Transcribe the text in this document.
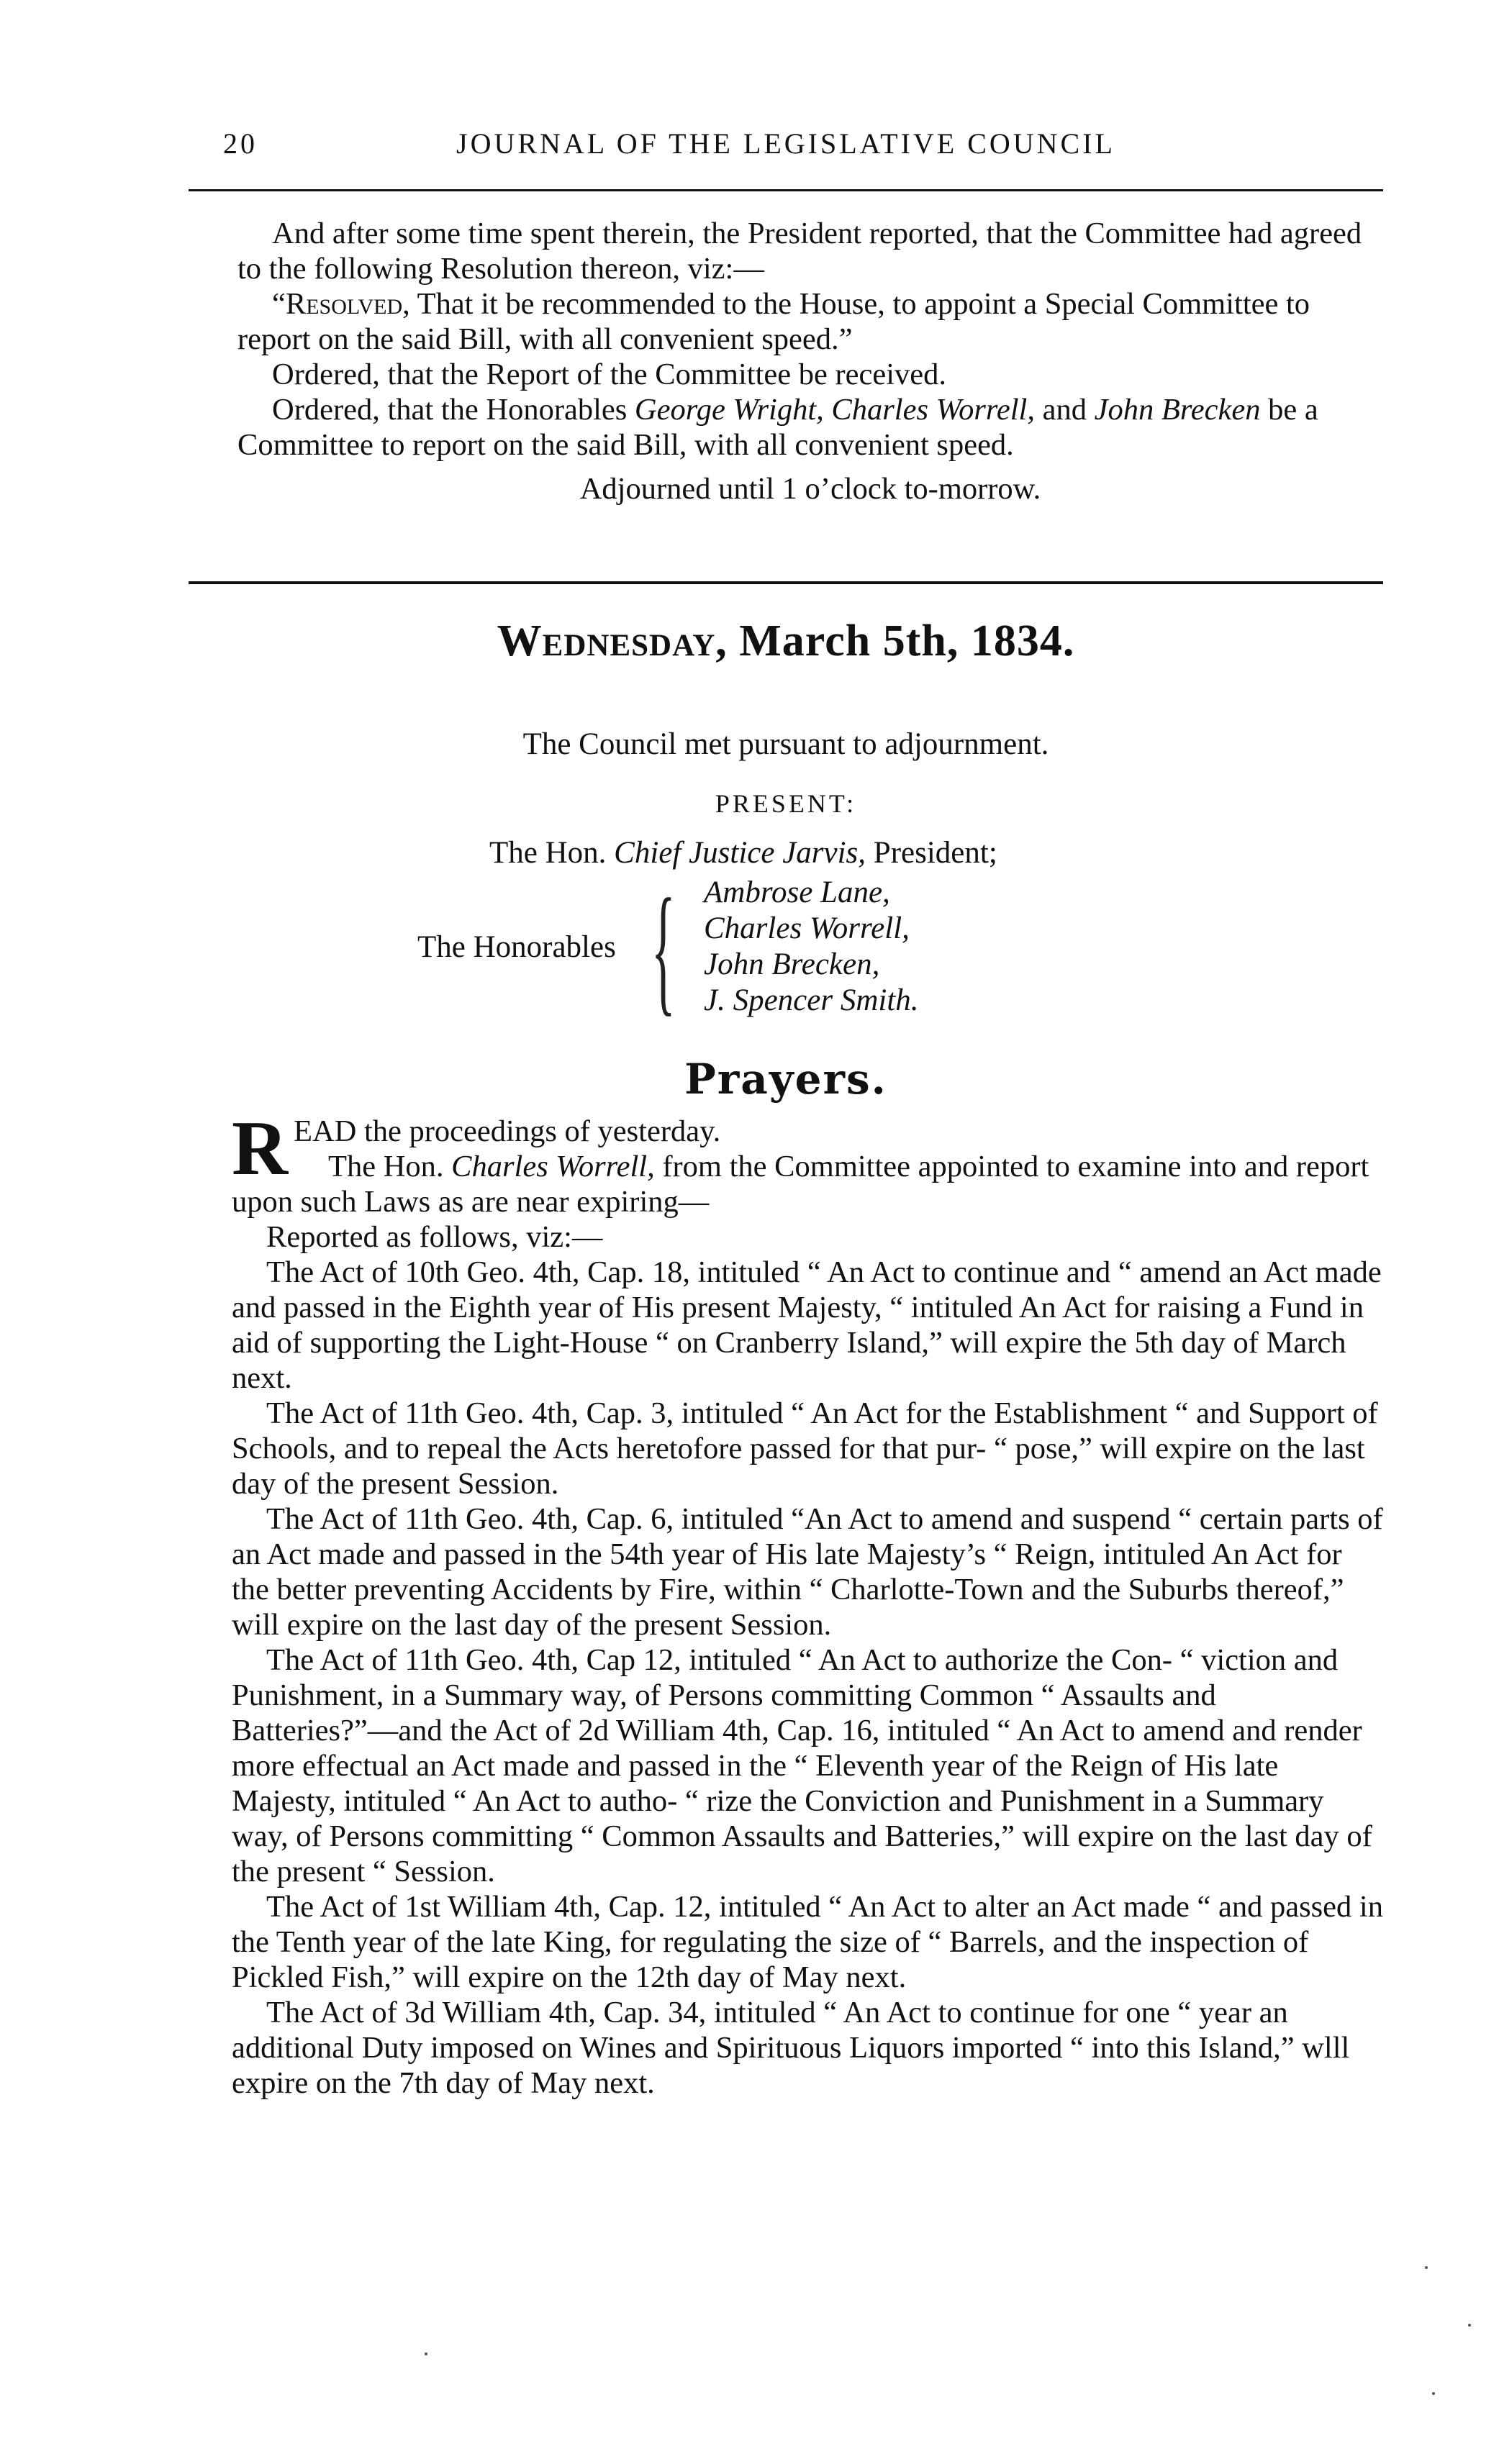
20	JOURNAL OF THE LEGISLATIVE COUNCIL

And after some time spent therein, the President reported, that the Committee had agreed to the following Resolution thereon, viz:—

“Resolved, That it be recommended to the House, to appoint a Special Committee to report on the said Bill, with all convenient speed.”

Ordered, that the Report of the Committee be received.

Ordered, that the Honorables George Wright, Charles Worrell, and John Brecken be a Committee to report on the said Bill, with all convenient speed.

Adjourned until 1 o’clock to-morrow.

Wednesday, March 5th, 1834.
The Council met pursuant to adjournment.
PRESENT:
The Hon. Chief Justice Jarvis, President;
The Honorables { Ambrose Lane,
Charles Worrell,
John Brecken,
J. Spencer Smith.
Prayers.

READ the proceedings of yesterday.

The Hon. Charles Worrell, from the Committee appointed to examine into and report upon such Laws as are near expiring—

Reported as follows, viz:—

The Act of 10th Geo. 4th, Cap. 18, intituled “ An Act to continue and “ amend an Act made and passed in the Eighth year of His present Majesty, “ intituled An Act for raising a Fund in aid of supporting the Light-House “ on Cranberry Island,” will expire the 5th day of March next.

The Act of 11th Geo. 4th, Cap. 3, intituled “ An Act for the Establishment “ and Support of Schools, and to repeal the Acts heretofore passed for that pur- “ pose,” will expire on the last day of the present Session.

The Act of 11th Geo. 4th, Cap. 6, intituled “An Act to amend and suspend “ certain parts of an Act made and passed in the 54th year of His late Majesty’s “ Reign, intituled An Act for the better preventing Accidents by Fire, within “ Charlotte-Town and the Suburbs thereof,” will expire on the last day of the present Session.

The Act of 11th Geo. 4th, Cap 12, intituled “ An Act to authorize the Con- “ viction and Punishment, in a Summary way, of Persons committing Common “ Assaults and Batteries?”—and the Act of 2d William 4th, Cap. 16, intituled “ An Act to amend and render more effectual an Act made and passed in the “ Eleventh year of the Reign of His late Majesty, intituled “ An Act to autho- “ rize the Conviction and Punishment in a Summary way, of Persons committing “ Common Assaults and Batteries,” will expire on the last day of the present “ Session.

The Act of 1st William 4th, Cap. 12, intituled “ An Act to alter an Act made “ and passed in the Tenth year of the late King, for regulating the size of “ Barrels, and the inspection of Pickled Fish,” will expire on the 12th day of May next.

The Act of 3d William 4th, Cap. 34, intituled “ An Act to continue for one “ year an additional Duty imposed on Wines and Spirituous Liquors imported “ into this Island,” wlll expire on the 7th day of May next.
